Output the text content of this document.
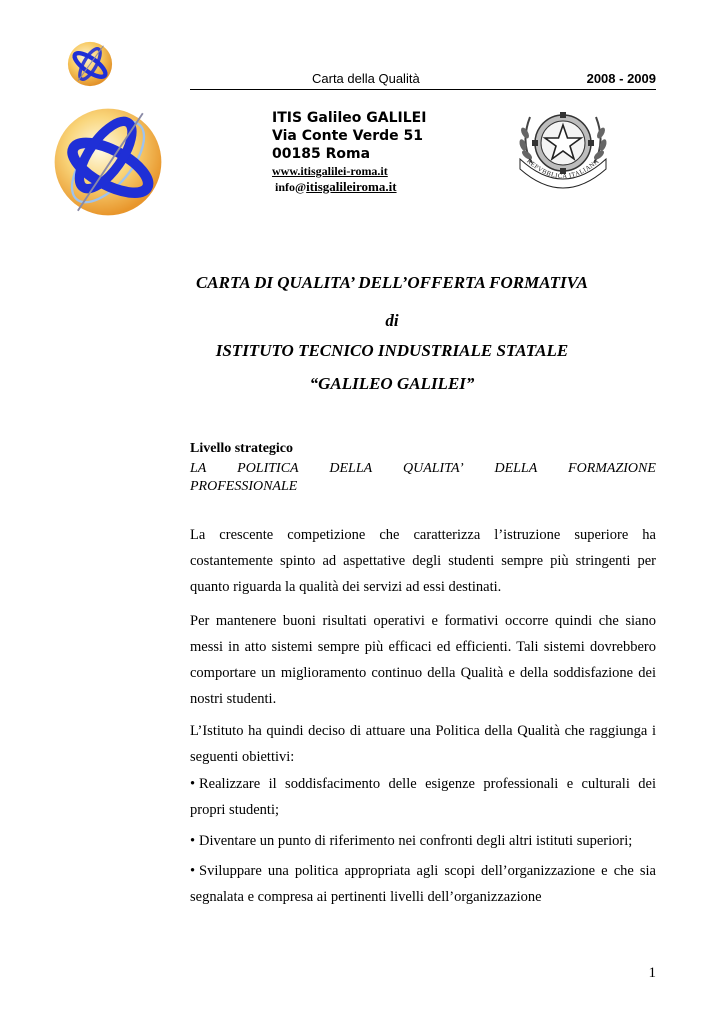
Carta della Qualità	2008 - 2009
ITIS Galileo GALILEI
Via Conte Verde 51
00185 Roma
www.itisgalilei-roma.it
info@itisgalileiroma.it
REPVBBLICA ITALIANA
CARTA DI QUALITA’ DELL’OFFERTA FORMATIVA
di
ISTITUTO TECNICO INDUSTRIALE STATALE
“GALILEO GALILEI”
Livello strategico
LA POLITICA DELLA QUALITA’ DELLA FORMAZIONE
PROFESSIONALE

La crescente competizione che caratterizza l’istruzione superiore ha costantemente spinto ad aspettative degli studenti sempre più stringenti per quanto riguarda la qualità dei servizi ad essi destinati.

Per mantenere buoni risultati operativi e formativi occorre quindi che siano messi in atto sistemi sempre più efficaci ed efficienti. Tali sistemi dovrebbero comportare un miglioramento continuo della Qualità e della soddisfazione dei nostri studenti.

L’Istituto ha quindi deciso di attuare una Politica della Qualità che raggiunga i seguenti obiettivi:

• Realizzare il soddisfacimento delle esigenze professionali e culturali dei propri studenti;

• Diventare un punto di riferimento nei confronti degli altri istituti superiori;

• Sviluppare una politica appropriata agli scopi dell’organizzazione e che sia segnalata e compresa ai pertinenti livelli dell’organizzazione

1
